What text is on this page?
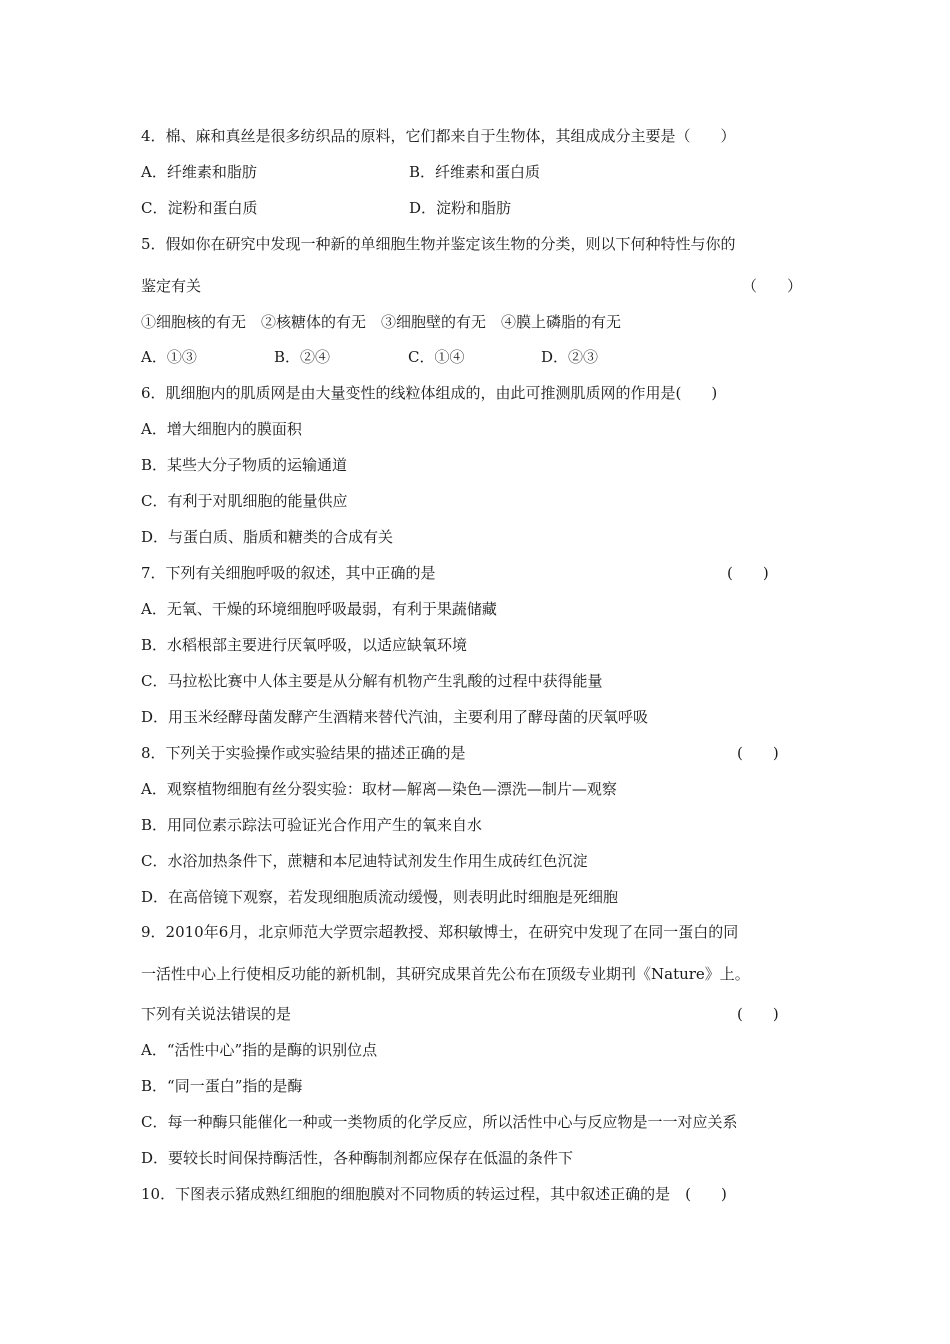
4．棉、麻和真丝是很多纺织品的原料，它们都来自于生物体，其组成成分主要是（　　）
A．纤维素和脂肪	B．纤维素和蛋白质
C．淀粉和蛋白质	D．淀粉和脂肪
5．假如你在研究中发现一种新的单细胞生物并鉴定该生物的分类，则以下何种特性与你的
鉴定有关	（　　）
①细胞核的有无　②核糖体的有无　③细胞壁的有无　④膜上磷脂的有无
A．①③	B．②④	C．①④	D．②③
6．肌细胞内的肌质网是由大量变性的线粒体组成的，由此可推测肌质网的作用是(　　)
A．增大细胞内的膜面积
B．某些大分子物质的运输通道
C．有利于对肌细胞的能量供应
D．与蛋白质、脂质和糖类的合成有关
7．下列有关细胞呼吸的叙述，其中正确的是	(　　)
A．无氧、干燥的环境细胞呼吸最弱，有利于果蔬储藏
B．水稻根部主要进行厌氧呼吸，以适应缺氧环境
C．马拉松比赛中人体主要是从分解有机物产生乳酸的过程中获得能量
D．用玉米经酵母菌发酵产生酒精来替代汽油，主要利用了酵母菌的厌氧呼吸
8．下列关于实验操作或实验结果的描述正确的是	(　　)
A．观察植物细胞有丝分裂实验：取材—解离—染色—漂洗—制片—观察
B．用同位素示踪法可验证光合作用产生的氧来自水
C．水浴加热条件下，蔗糖和本尼迪特试剂发生作用生成砖红色沉淀
D．在高倍镜下观察，若发现细胞质流动缓慢，则表明此时细胞是死细胞
9．2010年6月，北京师范大学贾宗超教授、郑积敏博士，在研究中发现了在同一蛋白的同
一活性中心上行使相反功能的新机制，其研究成果首先公布在顶级专业期刊《Nature》上。
下列有关说法错误的是	(　　)
A．“活性中心”指的是酶的识别位点
B．“同一蛋白”指的是酶
C．每一种酶只能催化一种或一类物质的化学反应，所以活性中心与反应物是一一对应关系
D．要较长时间保持酶活性，各种酶制剂都应保存在低温的条件下
10．下图表示猪成熟红细胞的细胞膜对不同物质的转运过程，其中叙述正确的是　(　　)
